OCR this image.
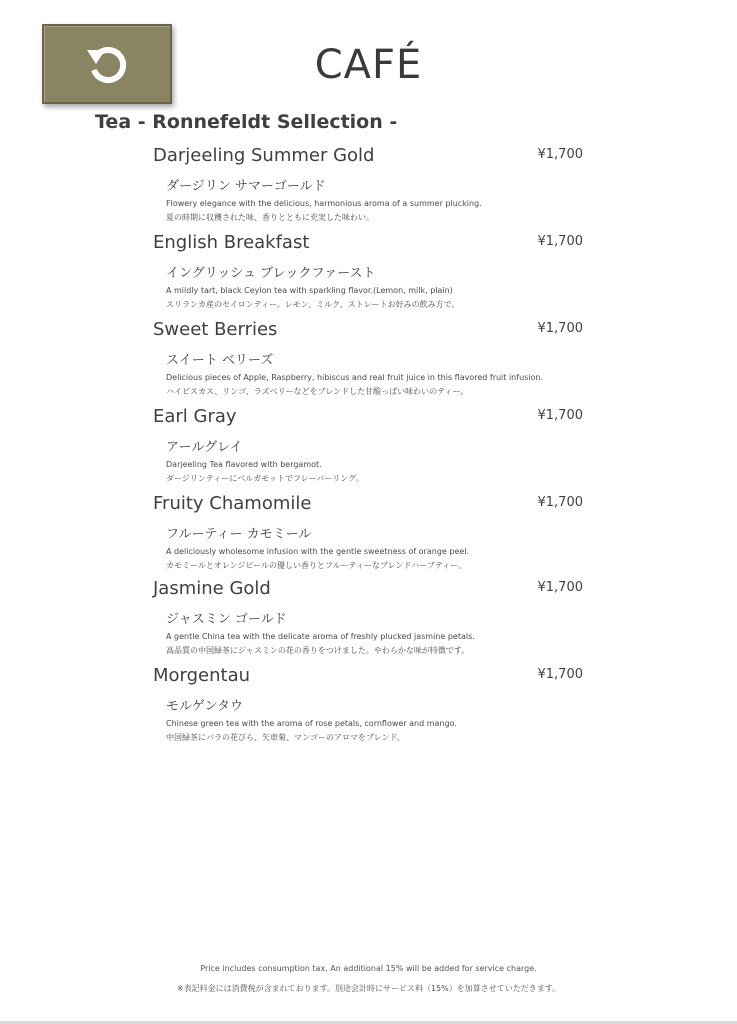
CAFÉ
Tea - Ronnefeldt Sellection -
Darjeeling Summer Gold	¥1,700
ダージリン サマーゴールド
Flowery elegance with the delicious, harmonious aroma of a summer plucking.
夏の時期に収穫された味、香りとともに充実した味わい。
English Breakfast	¥1,700
イングリッシュ ブレックファースト
A mildly tart, black Ceylon tea with sparkling flavor.(Lemon, milk, plain)
スリランカ産のセイロンティー。レモン、ミルク、ストレートお好みの飲み方で。
Sweet Berries	¥1,700
スイート ベリーズ
Delicious pieces of Apple, Raspberry, hibiscus and real fruit juice in this flavored fruit infusion.
ハイビスカス、リンゴ、ラズベリーなどをブレンドした甘酸っぱい味わいのティー。
Earl Gray	¥1,700
アールグレイ
Darjeeling Tea flavored with bergamot.
ダージリンティーにベルガモットでフレーバーリング。
Fruity Chamomile	¥1,700
フルーティー カモミール
A deliciously wholesome infusion with the gentle sweetness of orange peel.
カモミールとオレンジピールの優しい香りとフルーティーなブレンドハーブティー。
Jasmine Gold	¥1,700
ジャスミン ゴールド
A gentle China tea with the delicate aroma of freshly plucked jasmine petals.
高品質の中国緑茶にジャスミンの花の香りをつけました。やわらかな味が特徴です。
Morgentau	¥1,700
モルゲンタウ
Chinese green tea with the aroma of rose petals, cornflower and mango.
中国緑茶にバラの花びら、矢車菊、マンゴーのアロマをブレンド。
Price includes consumption tax. An additional 15% will be added for service charge.
※表記料金には消費税が含まれております。別途会計時にサービス料（15%）を加算させていただきます。
